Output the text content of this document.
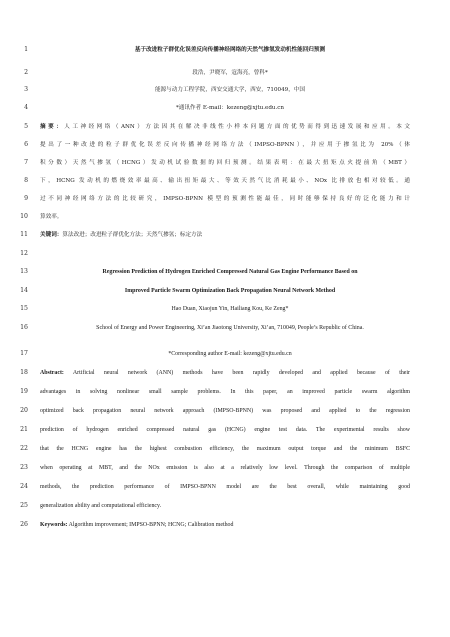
1	基于改进粒子群优化误差反向传播神经网络的天然气掺氢发动机性能回归预测
2	段浩，尹晓军，寇海亮，曾科*
3	能源与动力工程学院，西安交通大学，西安，710049，中国
4	*通讯作者 E-mail：kezeng@xjtu.edu.cn
5 摘要：人工神经网络（ANN）方法因其在解决非线性小样本问题方面的优势而得到迅速发展和应用。本文
6 提出了一种改进的粒子群优化误差反向传播神经网络方法（IMPSO-BPNN），并应用于掺氢比为 20%（体
7 积分数）天然气掺氢（HCNG）发动机试验数据的回归预测。结果表明：在最大扭矩点火提前角（MBT）
8 下，HCNG 发动机的燃烧效率最高、输出扭矩最大、等效天然气比消耗最小、NOx 比排放也相对较低。通
9 过不同神经网络方法的比较研究，IMPSO-BPNN 模型的预测性能最佳，同时能够保持良好的泛化能力和计
10 算效率。
11 关键词：算法改进；改进粒子群优化方法；天然气掺氢；标定方法
12
13	Regression Prediction of Hydrogen Enriched Compressed Natural Gas Engine Performance Based on
14	Improved Particle Swarm Optimization Back Propagation Neural Network Method
15	Hao Duan, Xiaojun Yin, Hailiang Kou, Ke Zeng*
16	School of Energy and Power Engineering, Xi’an Jiaotong University, Xi’an, 710049, People’s Republic of China.
17	*Corresponding author E-mail: kezeng@xjtu.edu.cn
18 Abstract: Artificial neural network (ANN) methods have been rapidly developed and applied because of their
19 advantages in solving nonlinear small sample problems. In this paper, an improved particle swarm algorithm
20 optimized back propagation neural network approach (IMPSO-BPNN) was proposed and applied to the regression
21 prediction of hydrogen enriched compressed natural gas (HCNG) engine test data. The experimental results show
22 that the HCNG engine has the highest combustion efficiency, the maximum output torque and the minimum BSFC
23 when operating at MBT, and the NOx emission is also at a relatively low level. Through the comparison of multiple
24 methods, the prediction performance of IMPSO-BPNN model are the best overall, while maintaining good
25 generalization ability and computational efficiency.
26 Keywords: Algorithm improvement; IMPSO-BPNN; HCNG; Calibration method
